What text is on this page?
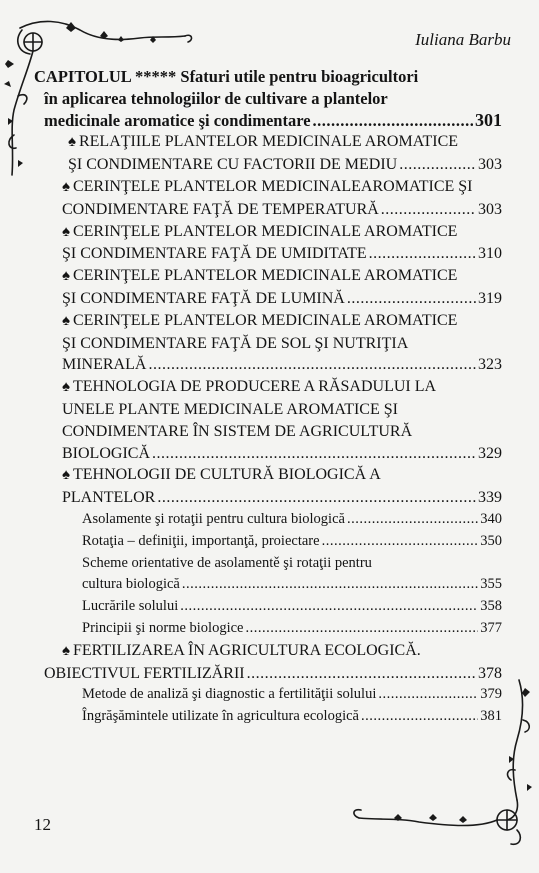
Iuliana Barbu
CAPITOLUL ***** Sfaturi utile pentru bioagricultori
în aplicarea tehnologiilor de cultivare a plantelor
medicinale aromatice şi condimentare .....	301
♠ RELAŢIILE PLANTELOR MEDICINALE AROMATICE
ŞI CONDIMENTARE CU FACTORII DE MEDIU .....	303
♠ CERINŢELE PLANTELOR MEDICINALEAROMATICE ŞI
CONDIMENTARE FAŢĂ DE TEMPERATURĂ .....	303
♠ CERINŢELE PLANTELOR MEDICINALE AROMATICE
ŞI CONDIMENTARE FAŢĂ DE UMIDITATE .....	310
♠ CERINŢELE PLANTELOR MEDICINALE AROMATICE
ŞI CONDIMENTARE FAŢĂ DE LUMINĂ .....	319
♠ CERINŢELE PLANTELOR MEDICINALE AROMATICE
ŞI CONDIMENTARE FAŢĂ DE SOL ŞI NUTRIŢIA
MINERALĂ .....	323
♠ TEHNOLOGIA DE PRODUCERE A RĂSADULUI LA
UNELE PLANTE MEDICINALE AROMATICE ŞI
CONDIMENTARE ÎN SISTEM DE AGRICULTURĂ
BIOLOGICĂ .....	329
♠ TEHNOLOGII DE CULTURĂ BIOLOGICĂ A
PLANTELOR .....	339
Asolamente şi rotaţii pentru cultura biologică .....	340
Rotaţia – definiţii, importanţă, proiectare .....	350
Scheme orientative de asolamentě şi rotaţii pentru
cultura biologică .....	355
Lucrările solului .....	358
Principii şi norme biologice .....	377
♠ FERTILIZAREA ÎN AGRICULTURA ECOLOGICĂ.
OBIECTIVUL FERTILIZĂRII .....	378
Metode de analiză şi diagnostic a fertilităţii solului .....	379
Îngrăşămintele utilizate în agricultura ecologică .....	381
12
